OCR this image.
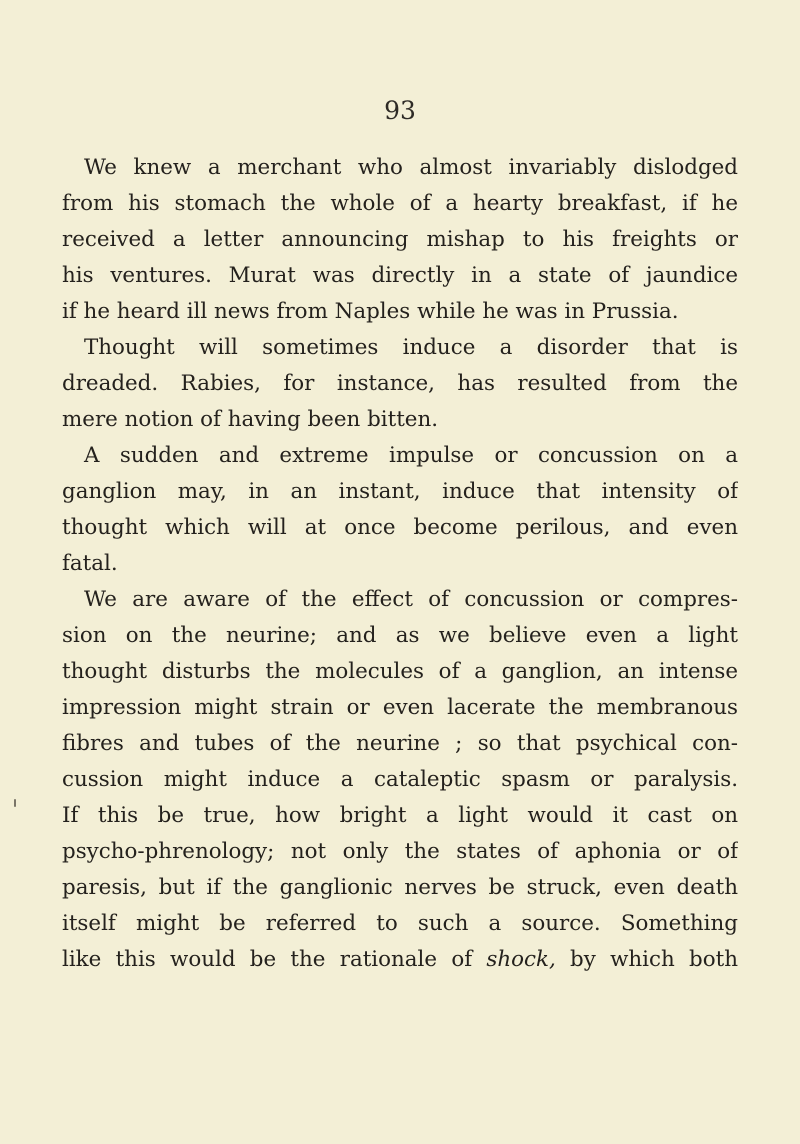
93
We knew a merchant who almost invariably dislodged
from his stomach the whole of a hearty breakfast, if he
received a letter announcing mishap to his freights or
his ventures. Murat was directly in a state of jaundice
if he heard ill news from Naples while he was in Prussia.
Thought will sometimes induce a disorder that is
dreaded. Rabies, for instance, has resulted from the
mere notion of having been bitten.
A sudden and extreme impulse or concussion on a
ganglion may, in an instant, induce that intensity of
thought which will at once become perilous, and even
fatal.
We are aware of the effect of concussion or compres-
sion on the neurine; and as we believe even a light
thought disturbs the molecules of a ganglion, an intense
impression might strain or even lacerate the membranous
fibres and tubes of the neurine ; so that psychical con-
cussion might induce a cataleptic spasm or paralysis.
If this be true, how bright a light would it cast on
psycho-phrenology; not only the states of aphonia or of
paresis, but if the ganglionic nerves be struck, even death
itself might be referred to such a source. Something
like this would be the rationale of shock, by which both
